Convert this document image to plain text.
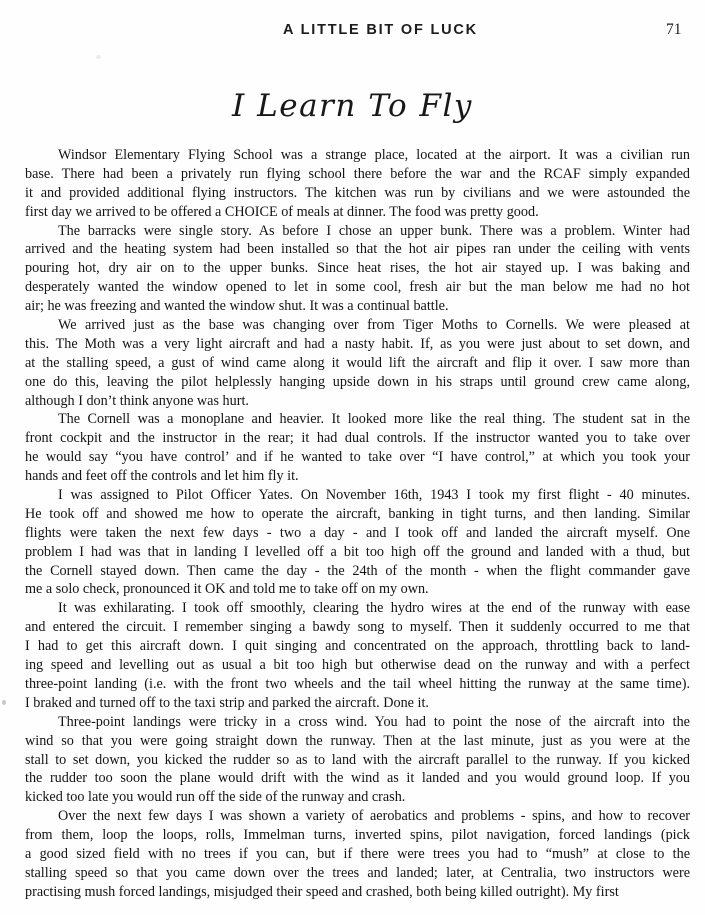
A LITTLE BIT OF LUCK	71
I Learn To Fly
Windsor Elementary Flying School was a strange place, located at the airport. It was a civilian run
base. There had been a privately run flying school there before the war and the RCAF simply expanded
it and provided additional flying instructors. The kitchen was run by civilians and we were astounded the
first day we arrived to be offered a CHOICE of meals at dinner. The food was pretty good.
The barracks were single story. As before I chose an upper bunk. There was a problem. Winter had
arrived and the heating system had been installed so that the hot air pipes ran under the ceiling with vents
pouring hot, dry air on to the upper bunks. Since heat rises, the hot air stayed up. I was baking and
desperately wanted the window opened to let in some cool, fresh air but the man below me had no hot
air; he was freezing and wanted the window shut. It was a continual battle.
We arrived just as the base was changing over from Tiger Moths to Cornells. We were pleased at
this. The Moth was a very light aircraft and had a nasty habit. If, as you were just about to set down, and
at the stalling speed, a gust of wind came along it would lift the aircraft and flip it over. I saw more than
one do this, leaving the pilot helplessly hanging upside down in his straps until ground crew came along,
although I don’t think anyone was hurt.
The Cornell was a monoplane and heavier. It looked more like the real thing. The student sat in the
front cockpit and the instructor in the rear; it had dual controls. If the instructor wanted you to take over
he would say “you have control’ and if he wanted to take over “I have control,” at which you took your
hands and feet off the controls and let him fly it.
I was assigned to Pilot Officer Yates. On November 16th, 1943 I took my first flight - 40 minutes.
He took off and showed me how to operate the aircraft, banking in tight turns, and then landing. Similar
flights were taken the next few days - two a day - and I took off and landed the aircraft myself. One
problem I had was that in landing I levelled off a bit too high off the ground and landed with a thud, but
the Cornell stayed down. Then came the day - the 24th of the month - when the flight commander gave
me a solo check, pronounced it OK and told me to take off on my own.
It was exhilarating. I took off smoothly, clearing the hydro wires at the end of the runway with ease
and entered the circuit. I remember singing a bawdy song to myself. Then it suddenly occurred to me that
I had to get this aircraft down. I quit singing and concentrated on the approach, throttling back to land-
ing speed and levelling out as usual a bit too high but otherwise dead on the runway and with a perfect
three-point landing (i.e. with the front two wheels and the tail wheel hitting the runway at the same time).
I braked and turned off to the taxi strip and parked the aircraft. Done it.
Three-point landings were tricky in a cross wind. You had to point the nose of the aircraft into the
wind so that you were going straight down the runway. Then at the last minute, just as you were at the
stall to set down, you kicked the rudder so as to land with the aircraft parallel to the runway. If you kicked
the rudder too soon the plane would drift with the wind as it landed and you would ground loop. If you
kicked too late you would run off the side of the runway and crash.
Over the next few days I was shown a variety of aerobatics and problems - spins, and how to recover
from them, loop the loops, rolls, Immelman turns, inverted spins, pilot navigation, forced landings (pick
a good sized field with no trees if you can, but if there were trees you had to “mush” at close to the
stalling speed so that you came down over the trees and landed; later, at Centralia, two instructors were
practising mush forced landings, misjudged their speed and crashed, both being killed outright). My first
